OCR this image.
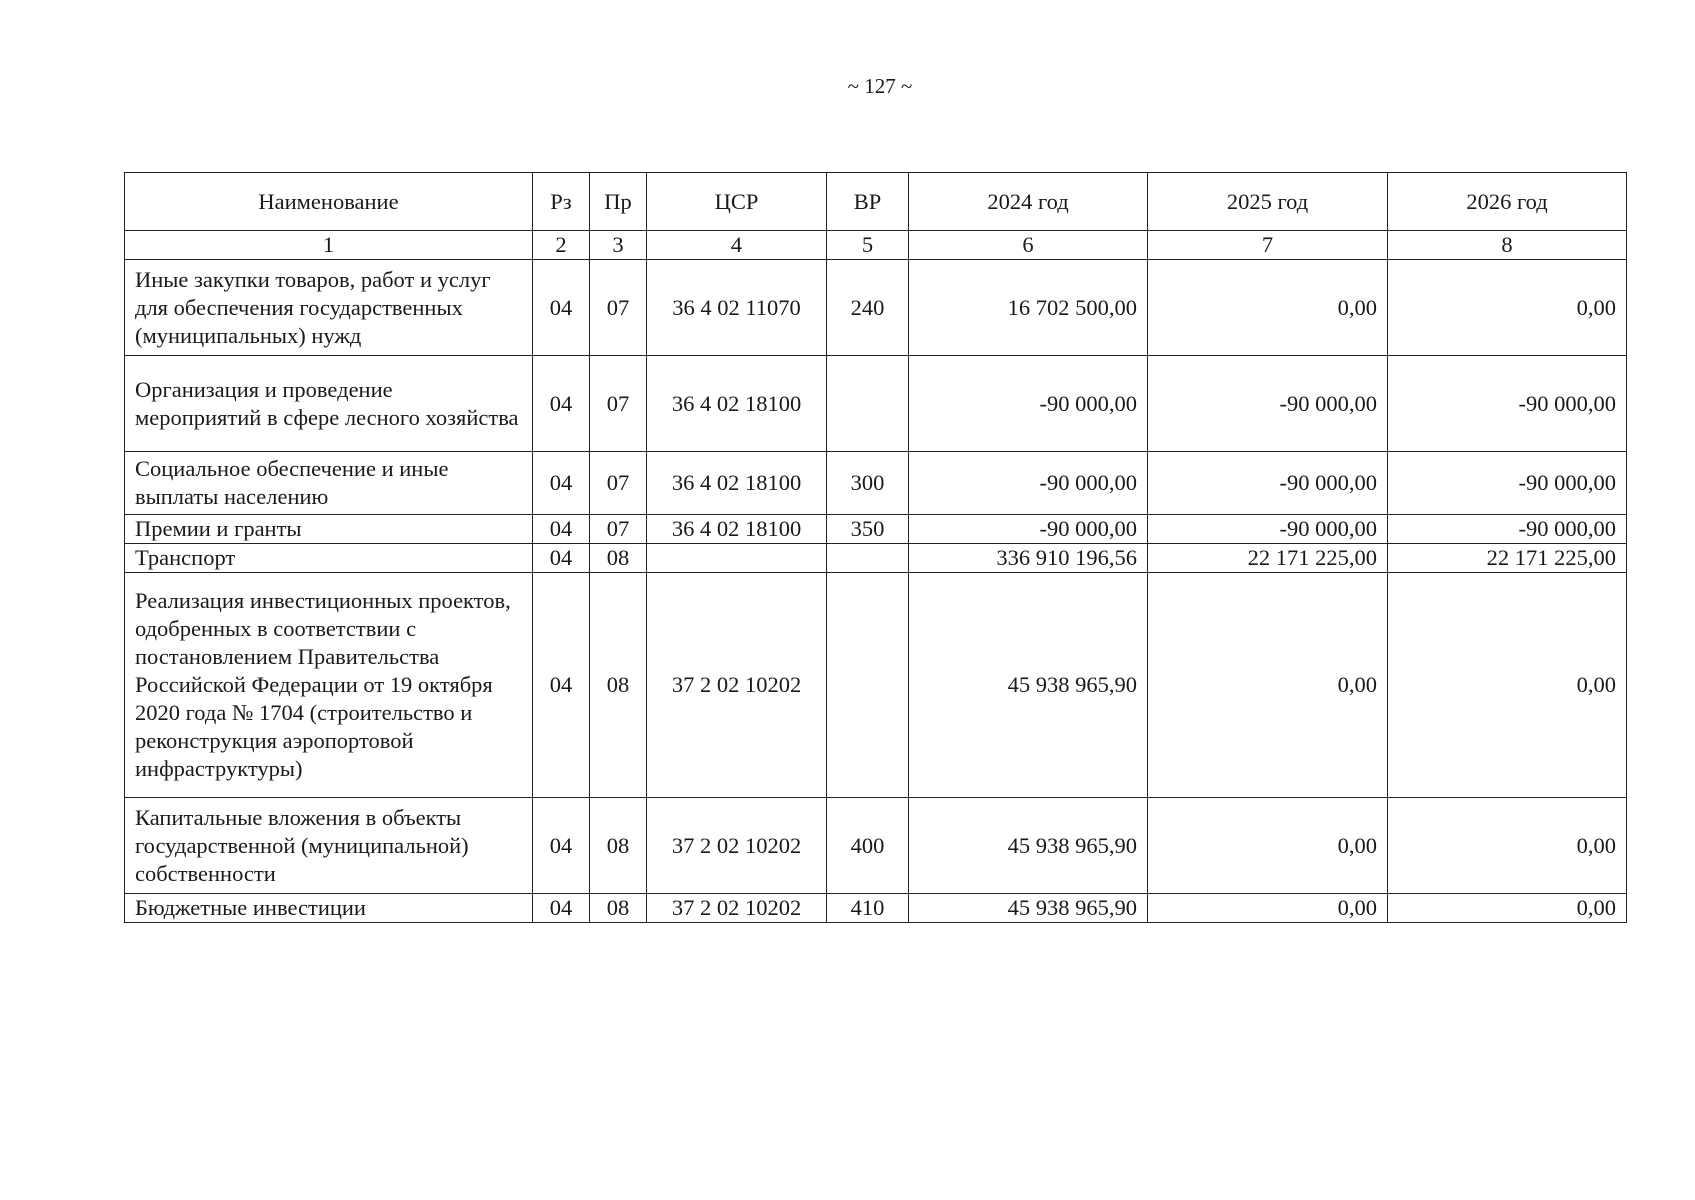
~ 127 ~
Наименование	Рз	Пр	ЦСР	ВР	2024 год	2025 год	2026 год
1	2	3	4	5	6	7	8
Иные закупки товаров, работ и услуг для обеспечения государственных (муниципальных) нужд	04	07	36 4 02 11070	240	16 702 500,00	0,00	0,00
Организация и проведение мероприятий в сфере лесного хозяйства	04	07	36 4 02 18100		-90 000,00	-90 000,00	-90 000,00
Социальное обеспечение и иные выплаты населению	04	07	36 4 02 18100	300	-90 000,00	-90 000,00	-90 000,00
Премии и гранты	04	07	36 4 02 18100	350	-90 000,00	-90 000,00	-90 000,00
Транспорт	04	08			336 910 196,56	22 171 225,00	22 171 225,00
Реализация инвестиционных проектов, одобренных в соответствии с постановлением Правительства Российской Федерации от 19 октября 2020 года № 1704 (строительство и реконструкция аэропортовой инфраструктуры)	04	08	37 2 02 10202		45 938 965,90	0,00	0,00
Капитальные вложения в объекты государственной (муниципальной) собственности	04	08	37 2 02 10202	400	45 938 965,90	0,00	0,00
Бюджетные инвестиции	04	08	37 2 02 10202	410	45 938 965,90	0,00	0,00
